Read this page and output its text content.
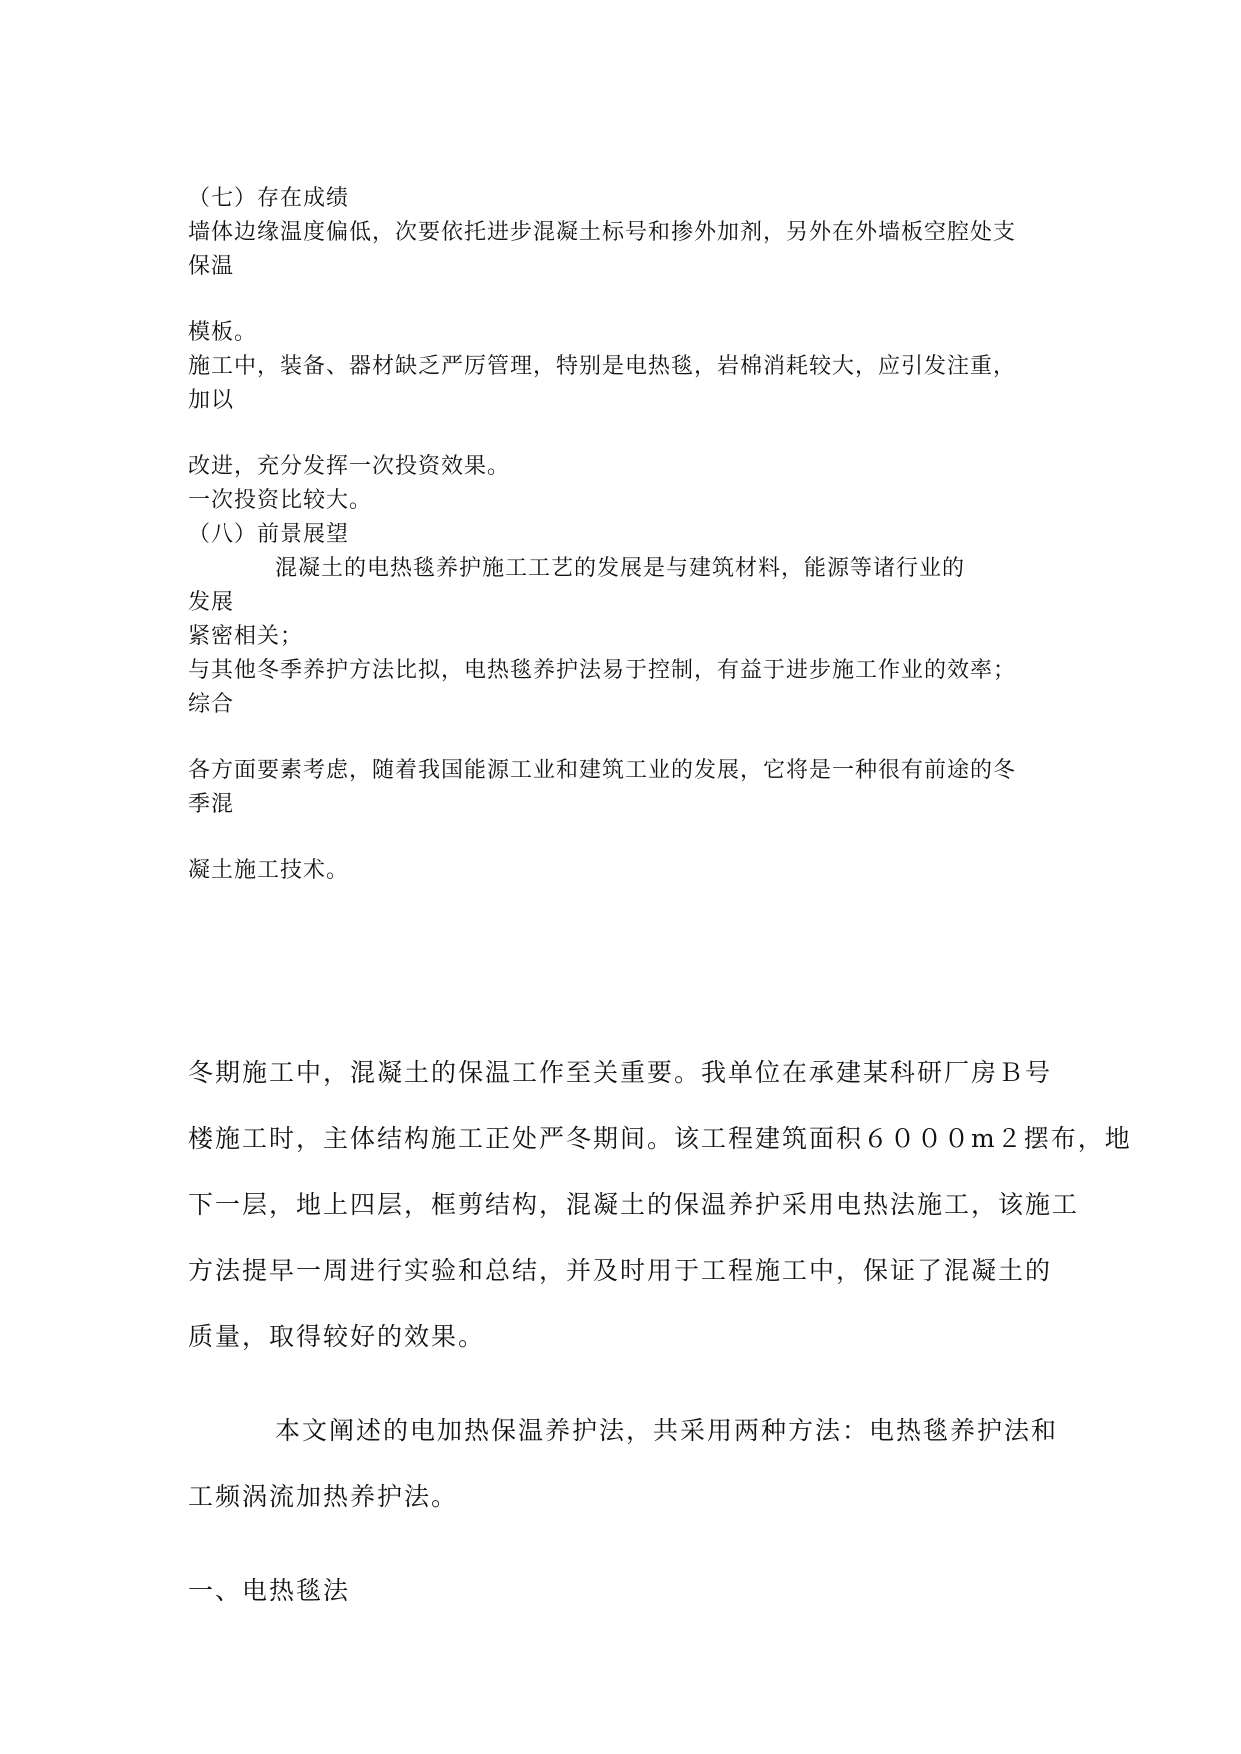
（七）存在成绩
墙体边缘温度偏低，次要依托进步混凝土标号和掺外加剂，另外在外墙板空腔处支
保温
模板。
施工中，装备、器材缺乏严厉管理，特别是电热毯，岩棉消耗较大，应引发注重，
加以
改进，充分发挥一次投资效果。
一次投资比较大。
（八）前景展望
混凝土的电热毯养护施工工艺的发展是与建筑材料，能源等诸行业的
发展
紧密相关；
与其他冬季养护方法比拟，电热毯养护法易于控制，有益于进步施工作业的效率；
综合
各方面要素考虑，随着我国能源工业和建筑工业的发展，它将是一种很有前途的冬
季混
凝土施工技术。
冬期施工中，混凝土的保温工作至关重要。我单位在承建某科研厂房Ｂ号
楼施工时，主体结构施工正处严冬期间。该工程建筑面积６０００m２摆布，地
下一层，地上四层，框剪结构，混凝土的保温养护采用电热法施工，该施工
方法提早一周进行实验和总结，并及时用于工程施工中，保证了混凝土的
质量，取得较好的效果。
本文阐述的电加热保温养护法，共采用两种方法：电热毯养护法和
工频涡流加热养护法。
一、电热毯法
